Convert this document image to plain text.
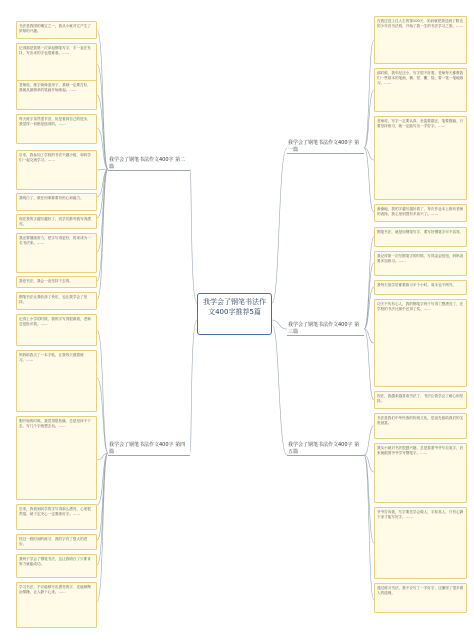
我学会了钢笔书法作文400字推荐5篇
我学会了钢笔书法作文400字 第一篇
我学会了钢笔书法作文400字 第二篇
我学会了钢笔书法作文400字 第三篇
我学会了钢笔书法作文400字 第四篇
我学会了钢笔书法作文400字 第五篇
在我还没上过人生的第100天，奶奶就把我送到了附近的少年宫书法班，开始了我一生的书法学习之旅。……
那时候，我年纪还小，写字很不好看，老师每天都教我们一些基本的笔画，横、竖、撇、捺，要一笔一笔地练习。……
老师说，写字一定要认真，坐姿要端正，笔要握稳，只要坚持练习，就一定能写出一手好字。……
渐渐地，我的字越写越好看了，每次作业本上都有老师的表扬，我心里别提有多高兴了。……
钢笔书法，就是用钢笔写字，要写好钢笔字可不容易。
我记得第一次写钢笔字的时候，写得歪歪扭扭，妈妈说要多加练习。……
我每天放学后都要练习半个小时，周末也不例外。
功夫不负有心人，我的钢笔字终于写得工整漂亮了，在学校的书法比赛中还得了奖。……
现在，我越来越喜欢书法了，书法让我学会了耐心和坚持。
书法是我们中华民族的传统文化，是祖先留给我们的宝贵财富。
我从小就对书法很感兴趣，总是看着爷爷写毛笔字，后来就跟着爷爷学写钢笔字。……
爷爷告诉我，写字要先学会做人，字如其人，只有心静下来才能写好字。……
通过练习书法，我不仅写了一手好字，还懂得了很多做人的道理。
书法是我国的瑰宝之一，我从小就对它产生了浓厚的兴趣。
记得那是我第一次拿起钢笔写字，手一直在发抖，写出来的字也很难看。……
老师说，练字就像盖房子，基础一定要打好，我就从最简单的笔画开始练起。……
每天练字虽然很辛苦，但是看到自己的进步，我觉得一切都是值得的。……
后来，我参加了学校的书法兴趣小组，和同学们一起交流学习。……
我明白了，做任何事都要有恒心和毅力。
现在我的字越写越好了，同学们都夸我写得漂亮。
我还要继续努力，把字写得更好，将来成为一名书法家。……
我爱书法，我会一直坚持下去的。
钢笔书法让我收获了快乐，也让我学会了坚持。
记得上小学的时候，我的字写得很难看，老师总是批评我。……
妈妈给我买了一本字帖，让我每天照着练习。……
刚开始的时候，我觉得很枯燥，总是坚持不下去，写几个字就想去玩。……
后来，我看到同学的字写得那么漂亮，心里很羡慕，就下定决心一定要练好字。……
经过一段时间的练习，我的字有了很大的进步。
我终于学会了钢笔书法，这让我明白了只要肯努力就能成功。
学习书法，不仅能够写出漂亮的字，还能够陶冶情操，让人静下心来。……
